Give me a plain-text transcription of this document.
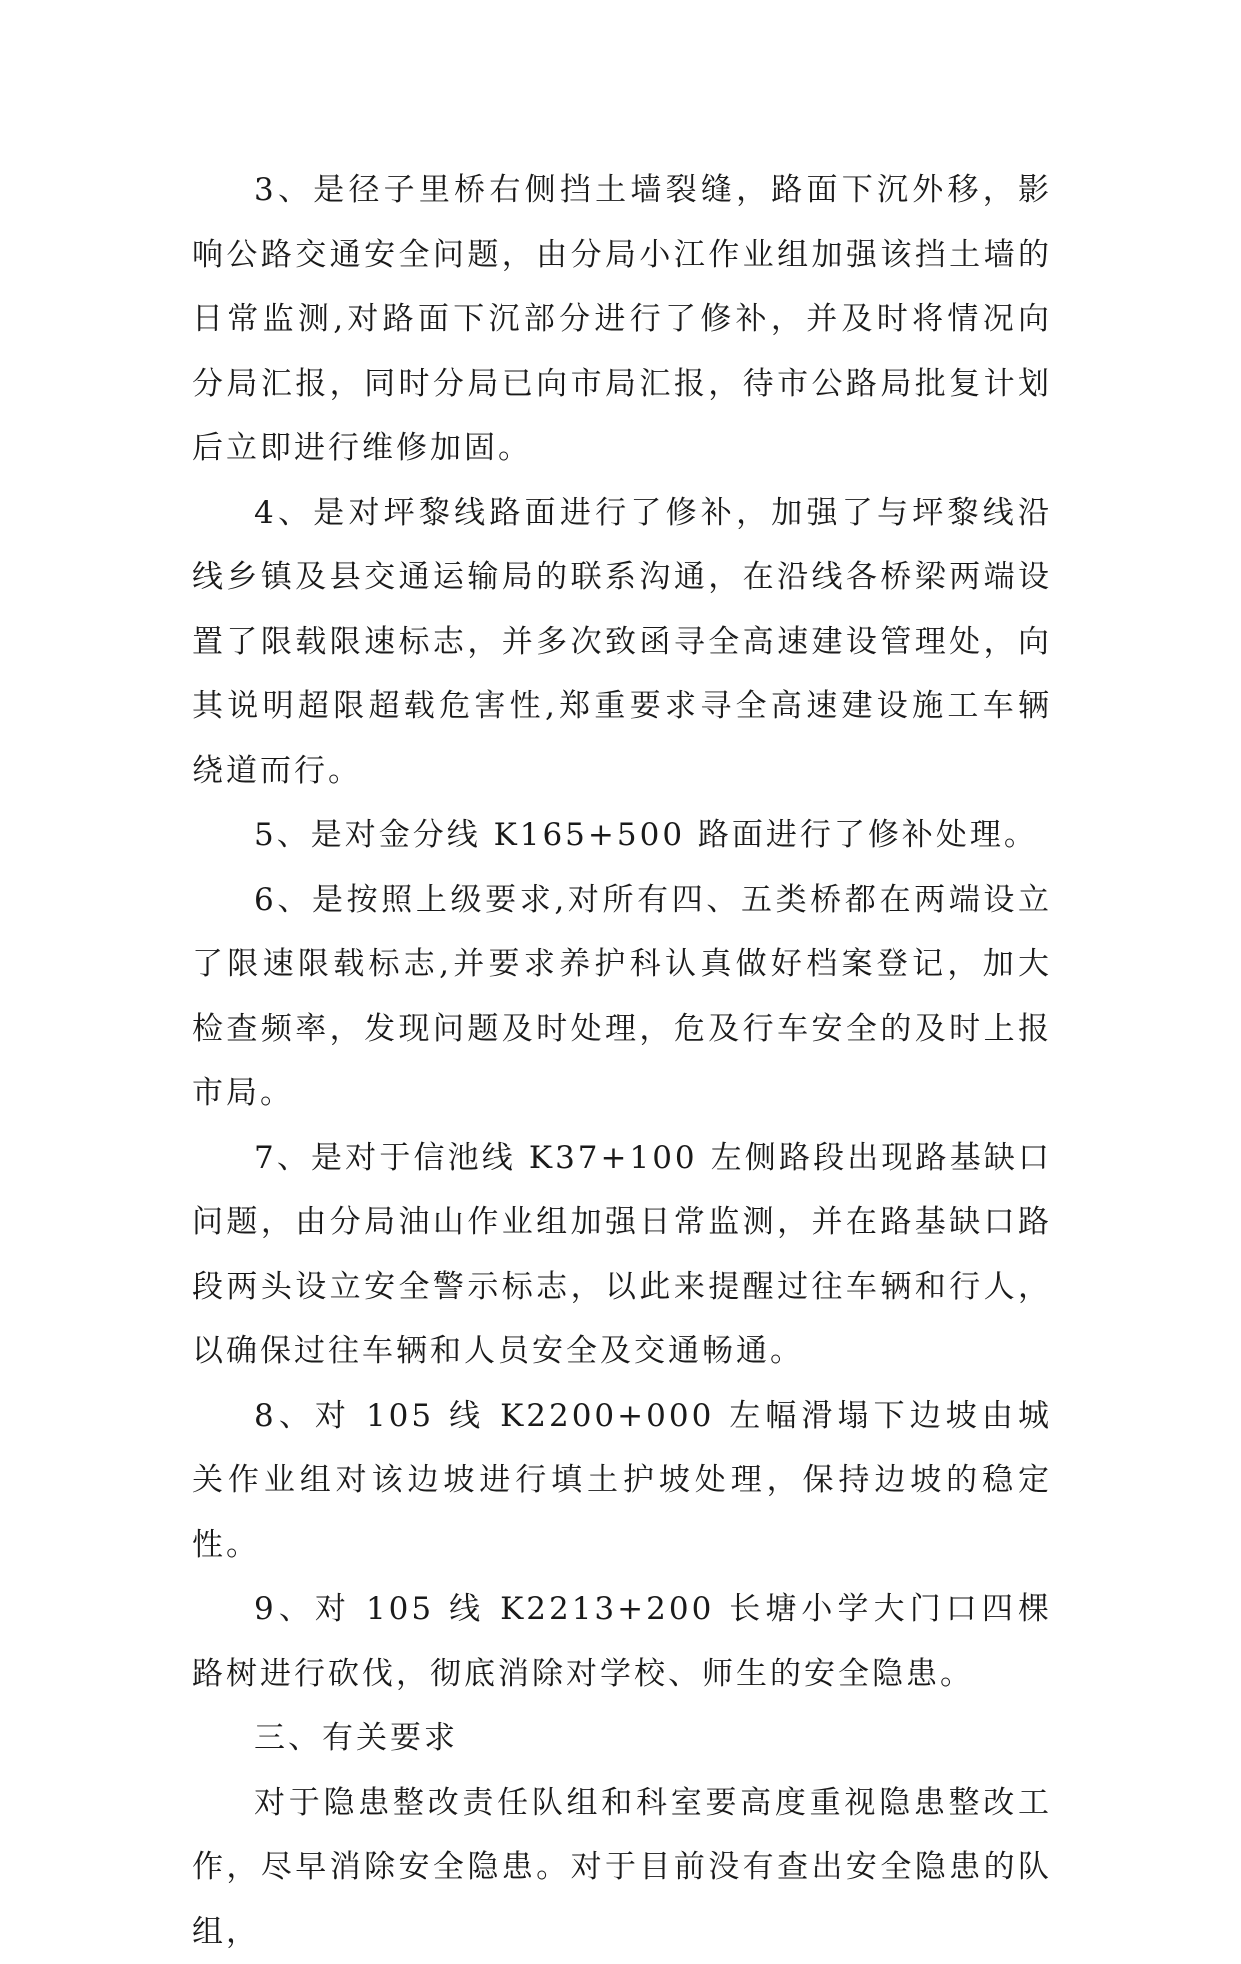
3、是径子里桥右侧挡土墙裂缝，路面下沉外移，影响公路交通安全问题，由分局小江作业组加强该挡土墙的日常监测,对路面下沉部分进行了修补，并及时将情况向分局汇报，同时分局已向市局汇报，待市公路局批复计划后立即进行维修加固。

4、是对坪黎线路面进行了修补，加强了与坪黎线沿线乡镇及县交通运输局的联系沟通，在沿线各桥梁两端设置了限载限速标志，并多次致函寻全高速建设管理处，向其说明超限超载危害性,郑重要求寻全高速建设施工车辆绕道而行。

5、是对金分线 K165+500 路面进行了修补处理。

6、是按照上级要求,对所有四、五类桥都在两端设立了限速限载标志,并要求养护科认真做好档案登记，加大检查频率，发现问题及时处理，危及行车安全的及时上报市局。

7、是对于信池线 K37+100 左侧路段出现路基缺口问题，由分局油山作业组加强日常监测，并在路基缺口路段两头设立安全警示标志，以此来提醒过往车辆和行人，以确保过往车辆和人员安全及交通畅通。

8、对 105 线 K2200+000 左幅滑塌下边坡由城关作业组对该边坡进行填土护坡处理，保持边坡的稳定性。

9、对 105 线 K2213+200 长塘小学大门口四棵路树进行砍伐，彻底消除对学校、师生的安全隐患。

三、有关要求

对于隐患整改责任队组和科室要高度重视隐患整改工作，尽早消除安全隐患。对于目前没有查出安全隐患的队组，
